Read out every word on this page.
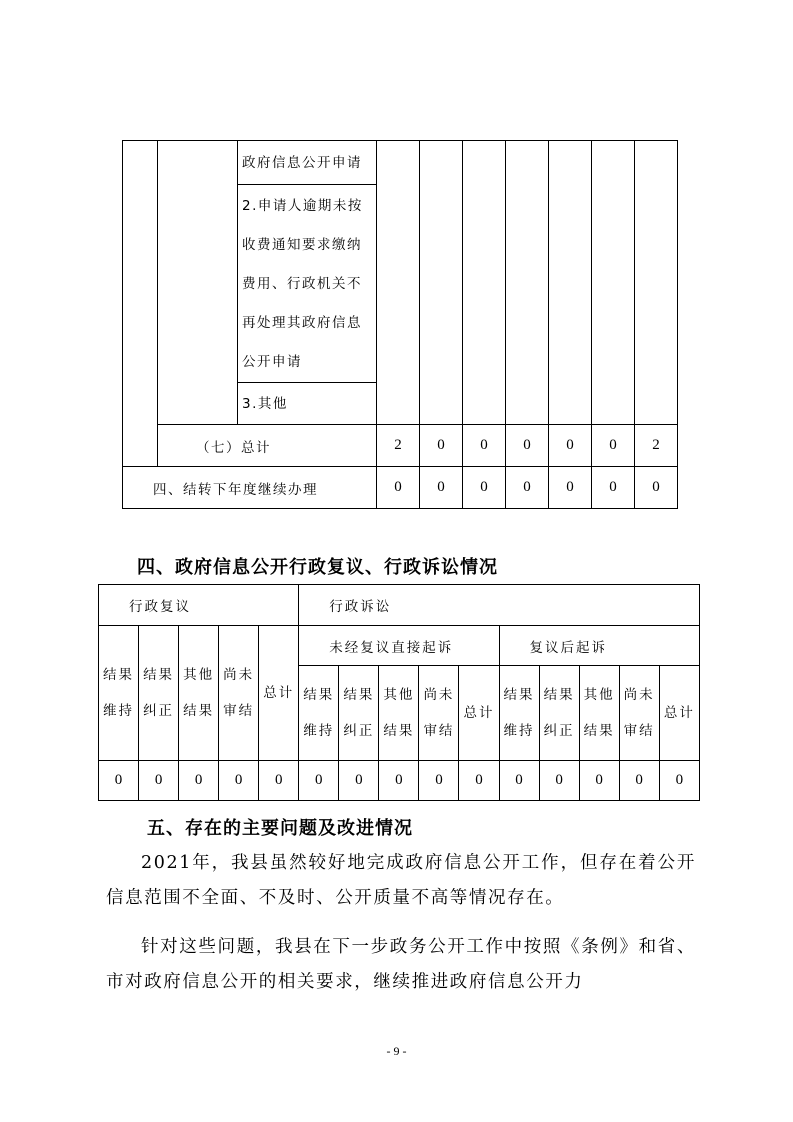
		政府信息公开申请							
		2.申请人逾期未按收费通知要求缴纳费用、行政机关不再处理其政府信息公开申请							
		3.其他							
	（七）总计		2	0	0	0	0	0	2
四、结转下年度继续办理			0	0	0	0	0	0	0
四、政府信息公开行政复议、行政诉讼情况
行政复议					行政诉讼									
结果维持	结果纠正	其他结果	尚未审结	总计	未经复议直接起诉					复议后起诉				
					结果维持	结果纠正	其他结果	尚未审结	总计	结果维持	结果纠正	其他结果	尚未审结	总计
0	0	0	0	0	0	0	0	0	0	0	0	0	0	0
五、存在的主要问题及改进情况
2021年，我县虽然较好地完成政府信息公开工作，但存在着公开信息范围不全面、不及时、公开质量不高等情况存在。
针对这些问题，我县在下一步政务公开工作中按照《条例》和省、市对政府信息公开的相关要求，继续推进政府信息公开力
- 9 -
